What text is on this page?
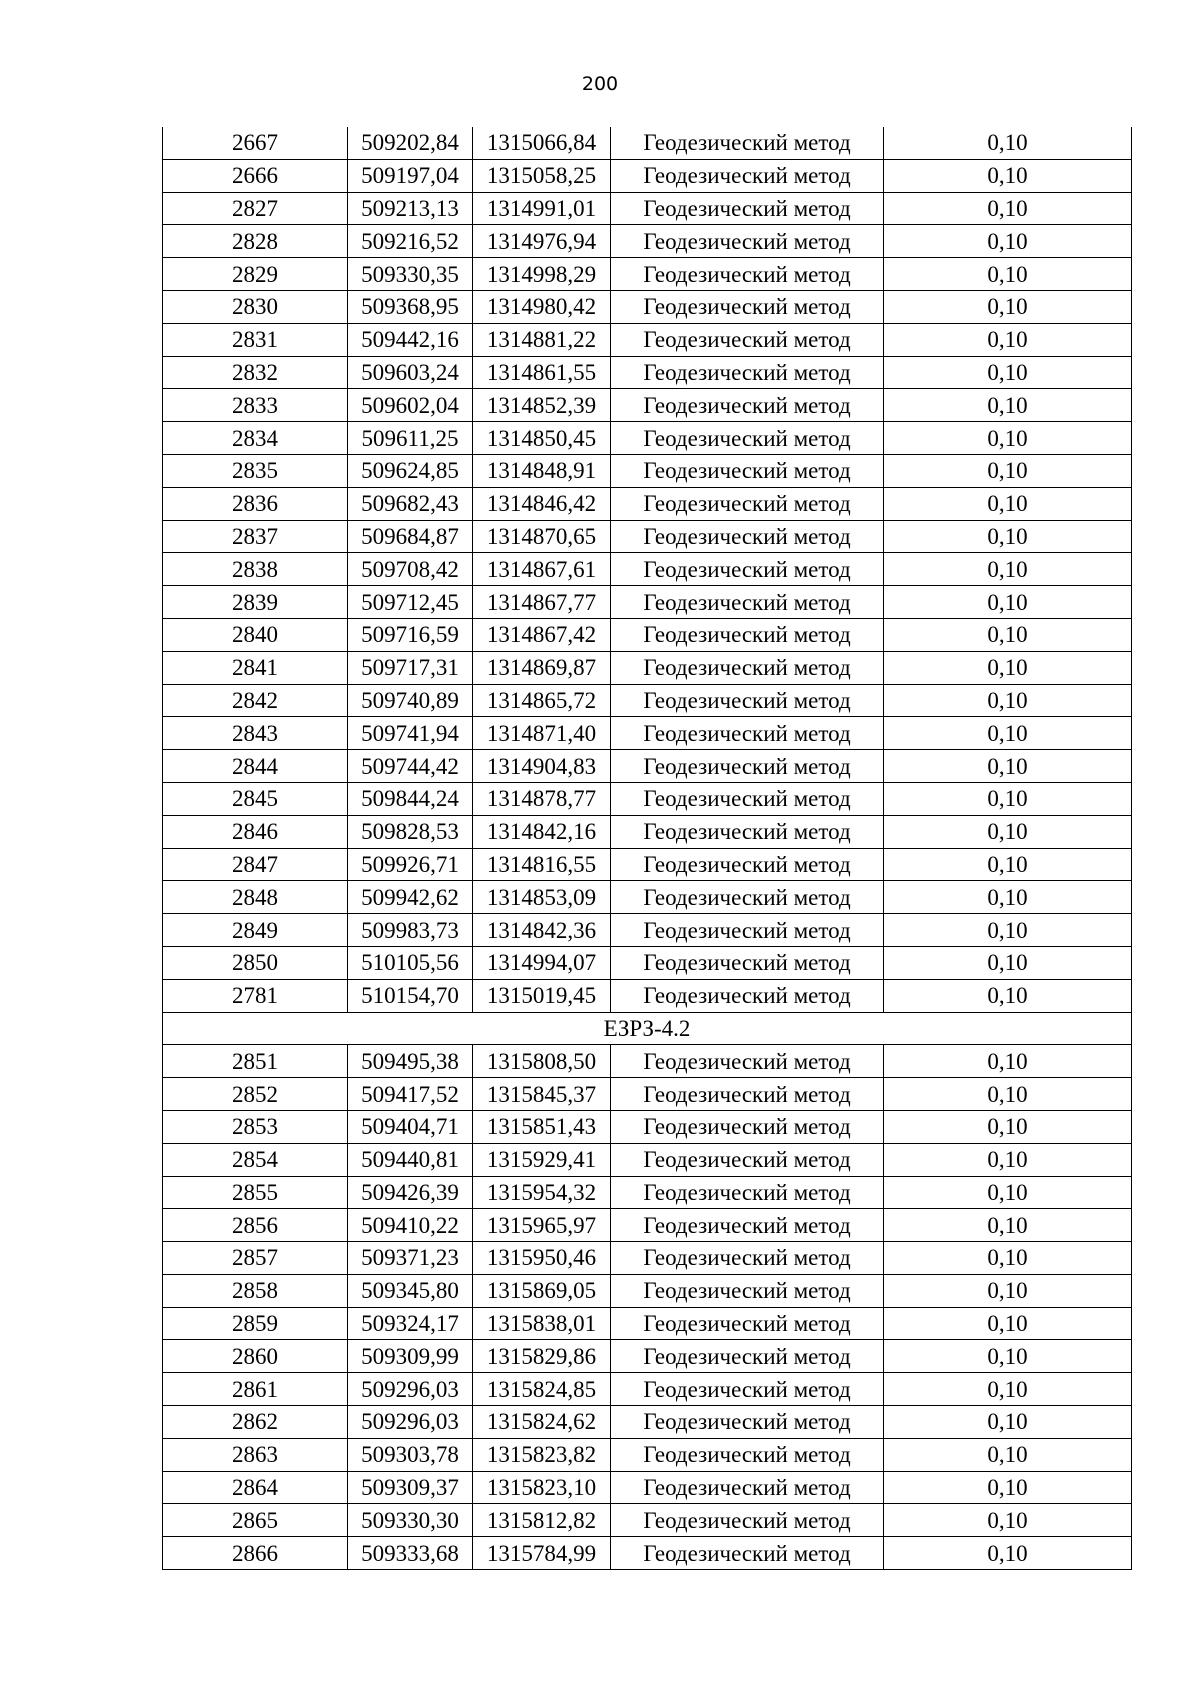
200
2667	509202,84	1315066,84	Геодезический метод	0,10
2666	509197,04	1315058,25	Геодезический метод	0,10
2827	509213,13	1314991,01	Геодезический метод	0,10
2828	509216,52	1314976,94	Геодезический метод	0,10
2829	509330,35	1314998,29	Геодезический метод	0,10
2830	509368,95	1314980,42	Геодезический метод	0,10
2831	509442,16	1314881,22	Геодезический метод	0,10
2832	509603,24	1314861,55	Геодезический метод	0,10
2833	509602,04	1314852,39	Геодезический метод	0,10
2834	509611,25	1314850,45	Геодезический метод	0,10
2835	509624,85	1314848,91	Геодезический метод	0,10
2836	509682,43	1314846,42	Геодезический метод	0,10
2837	509684,87	1314870,65	Геодезический метод	0,10
2838	509708,42	1314867,61	Геодезический метод	0,10
2839	509712,45	1314867,77	Геодезический метод	0,10
2840	509716,59	1314867,42	Геодезический метод	0,10
2841	509717,31	1314869,87	Геодезический метод	0,10
2842	509740,89	1314865,72	Геодезический метод	0,10
2843	509741,94	1314871,40	Геодезический метод	0,10
2844	509744,42	1314904,83	Геодезический метод	0,10
2845	509844,24	1314878,77	Геодезический метод	0,10
2846	509828,53	1314842,16	Геодезический метод	0,10
2847	509926,71	1314816,55	Геодезический метод	0,10
2848	509942,62	1314853,09	Геодезический метод	0,10
2849	509983,73	1314842,36	Геодезический метод	0,10
2850	510105,56	1314994,07	Геодезический метод	0,10
2781	510154,70	1315019,45	Геодезический метод	0,10
ЕЗРЗ-4.2				
2851	509495,38	1315808,50	Геодезический метод	0,10
2852	509417,52	1315845,37	Геодезический метод	0,10
2853	509404,71	1315851,43	Геодезический метод	0,10
2854	509440,81	1315929,41	Геодезический метод	0,10
2855	509426,39	1315954,32	Геодезический метод	0,10
2856	509410,22	1315965,97	Геодезический метод	0,10
2857	509371,23	1315950,46	Геодезический метод	0,10
2858	509345,80	1315869,05	Геодезический метод	0,10
2859	509324,17	1315838,01	Геодезический метод	0,10
2860	509309,99	1315829,86	Геодезический метод	0,10
2861	509296,03	1315824,85	Геодезический метод	0,10
2862	509296,03	1315824,62	Геодезический метод	0,10
2863	509303,78	1315823,82	Геодезический метод	0,10
2864	509309,37	1315823,10	Геодезический метод	0,10
2865	509330,30	1315812,82	Геодезический метод	0,10
2866	509333,68	1315784,99	Геодезический метод	0,10
